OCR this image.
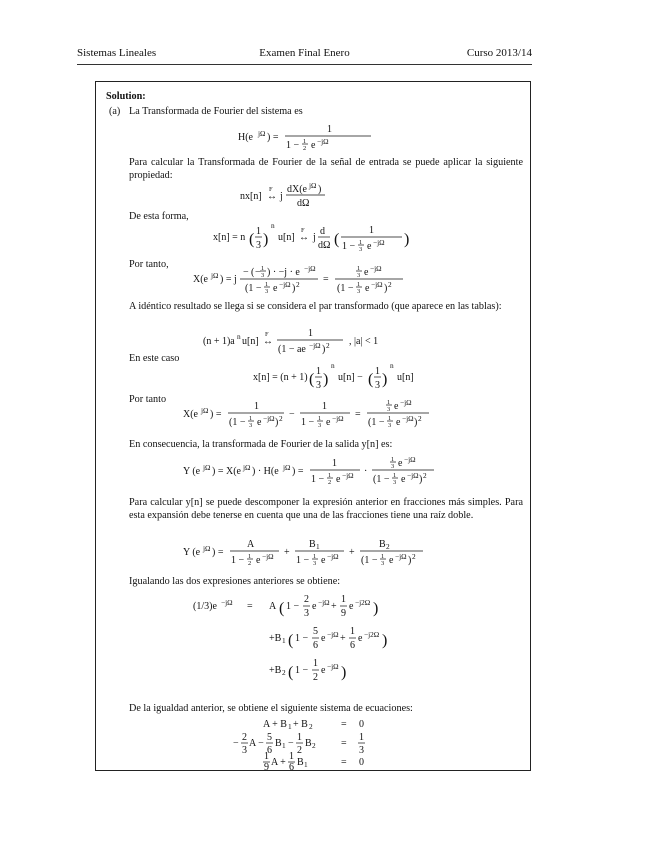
Sistemas Lineales	Examen Final Enero	Curso 2013/14
Solution:
(a) La Transformada de Fourier del sistema es
H(e jΩ ) =
1
1 − 1
2 e −jΩ
Para calcular la Transformada de Fourier de la señal de entrada se puede aplicar la siguiente propiedad:
nx[n] ↔
F
j
dX(e jΩ )
dΩ
De esta forma,
x[n] = n ( 1
3 )
n
u[n] ↔
F
j
d
dΩ (
1
1 − 1
3 e −jΩ )
Por tanto,
X(e jΩ ) = j
− ( − 1
3 ) · −j · e −jΩ
(1 − 1
3 e −jΩ ) 2 =
1
3 e −jΩ
(1 − 1
3 e −jΩ ) 2
A idéntico resultado se llega si se considera el par transformado (que aparece en las tablas):
(n + 1)a n u[n] ↔
F	1
(1 − ae −jΩ ) 2 , |a| < 1
En este caso
x[n] = (n + 1) ( 1
3 )
n
u[n] − ( 1
3 )
n
u[n]
Por tanto
X(e jΩ ) =
1
(1 − 1
3 e −jΩ ) 2 −
1
1 − 1
3 e −jΩ =
1
3 e −jΩ
(1 − 1
3 e −jΩ ) 2
En consecuencia, la transformada de Fourier de la salida y[n] es:
Y (e jΩ ) = X(e jΩ ) · H(e jΩ ) =
1
1 − 1
2 e −jΩ ·
1
3 e −jΩ
(1 − 1
3 e −jΩ ) 2
Para calcular y[n] se puede descomponer la expresión anterior en fracciones más simples. Para esta expansión debe tenerse en cuenta que una de las fracciones tiene una raíz doble.
Y (e jΩ ) =
A
1 − 1
2 e −jΩ +
B 1
1 − 1
3 e −jΩ +
B 2
(1 − 1
3 e −jΩ ) 2
Igualando las dos expresiones anteriores se obtiene:
(1/3)e −jΩ = A ( 1 −
2
3
e −jΩ +
1
9
e −j2Ω )
+B 1 ( 1 −
5
6
e −jΩ +
1
6
e −j2Ω )
+B 2 ( 1 −
1
2
e −jΩ )
De la igualdad anterior, se obtiene el siguiente sistema de ecuaciones:
A + B 1 + B 2	= 0
−
2
3
A −
5
6
B 1 −
1
2
B 2	=
1
3
1
9 A +
1
6 B 1	= 0
